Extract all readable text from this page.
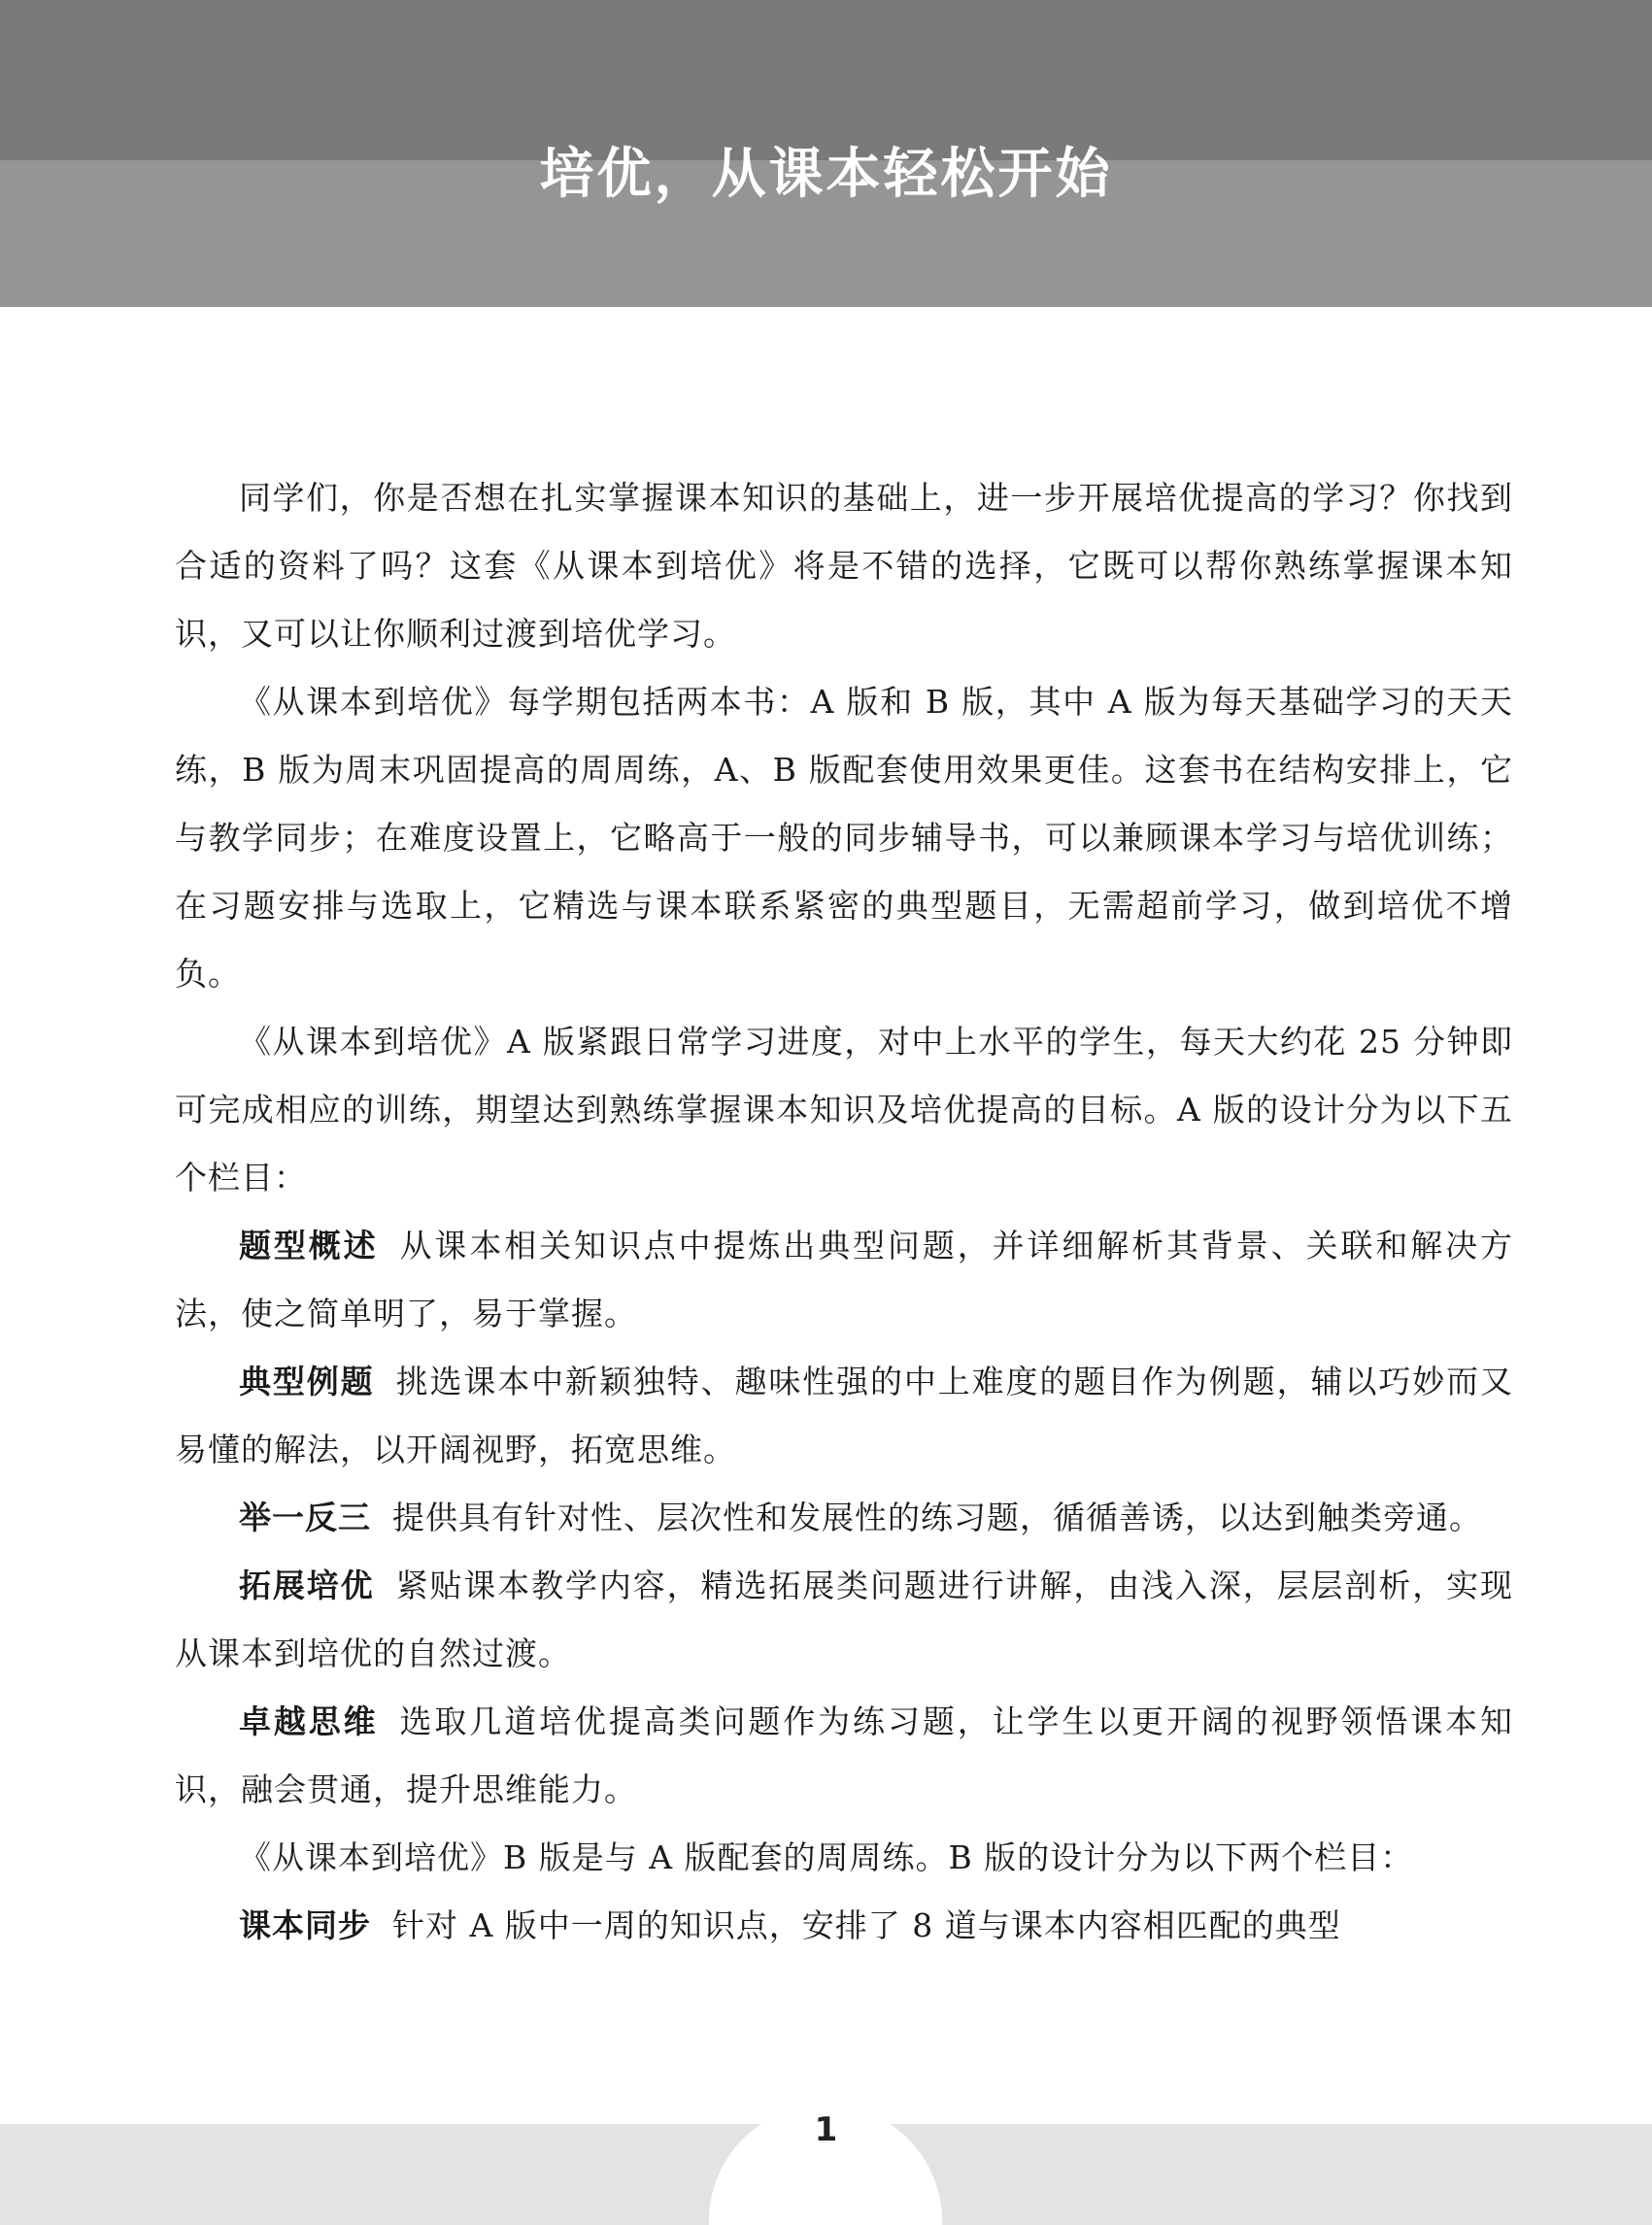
培优，从课本轻松开始

同学们，你是否想在扎实掌握课本知识的基础上，进一步开展培优提高的学习？你找到合适的资料了吗？这套《从课本到培优》将是不错的选择，它既可以帮你熟练掌握课本知识，又可以让你顺利过渡到培优学习。

《从课本到培优》每学期包括两本书：A 版和 B 版，其中 A 版为每天基础学习的天天练，B 版为周末巩固提高的周周练，A、B 版配套使用效果更佳。这套书在结构安排上，它与教学同步；在难度设置上，它略高于一般的同步辅导书，可以兼顾课本学习与培优训练；在习题安排与选取上，它精选与课本联系紧密的典型题目，无需超前学习，做到培优不增负。

《从课本到培优》A 版紧跟日常学习进度，对中上水平的学生，每天大约花 25 分钟即可完成相应的训练，期望达到熟练掌握课本知识及培优提高的目标。A 版的设计分为以下五个栏目：

题型概述 从课本相关知识点中提炼出典型问题，并详细解析其背景、关联和解决方法，使之简单明了，易于掌握。

典型例题 挑选课本中新颖独特、趣味性强的中上难度的题目作为例题，辅以巧妙而又易懂的解法，以开阔视野，拓宽思维。

举一反三 提供具有针对性、层次性和发展性的练习题，循循善诱，以达到触类旁通。

拓展培优 紧贴课本教学内容，精选拓展类问题进行讲解，由浅入深，层层剖析，实现从课本到培优的自然过渡。

卓越思维 选取几道培优提高类问题作为练习题，让学生以更开阔的视野领悟课本知识，融会贯通，提升思维能力。

《从课本到培优》B 版是与 A 版配套的周周练。B 版的设计分为以下两个栏目：

课本同步 针对 A 版中一周的知识点，安排了 8 道与课本内容相匹配的典型

1
